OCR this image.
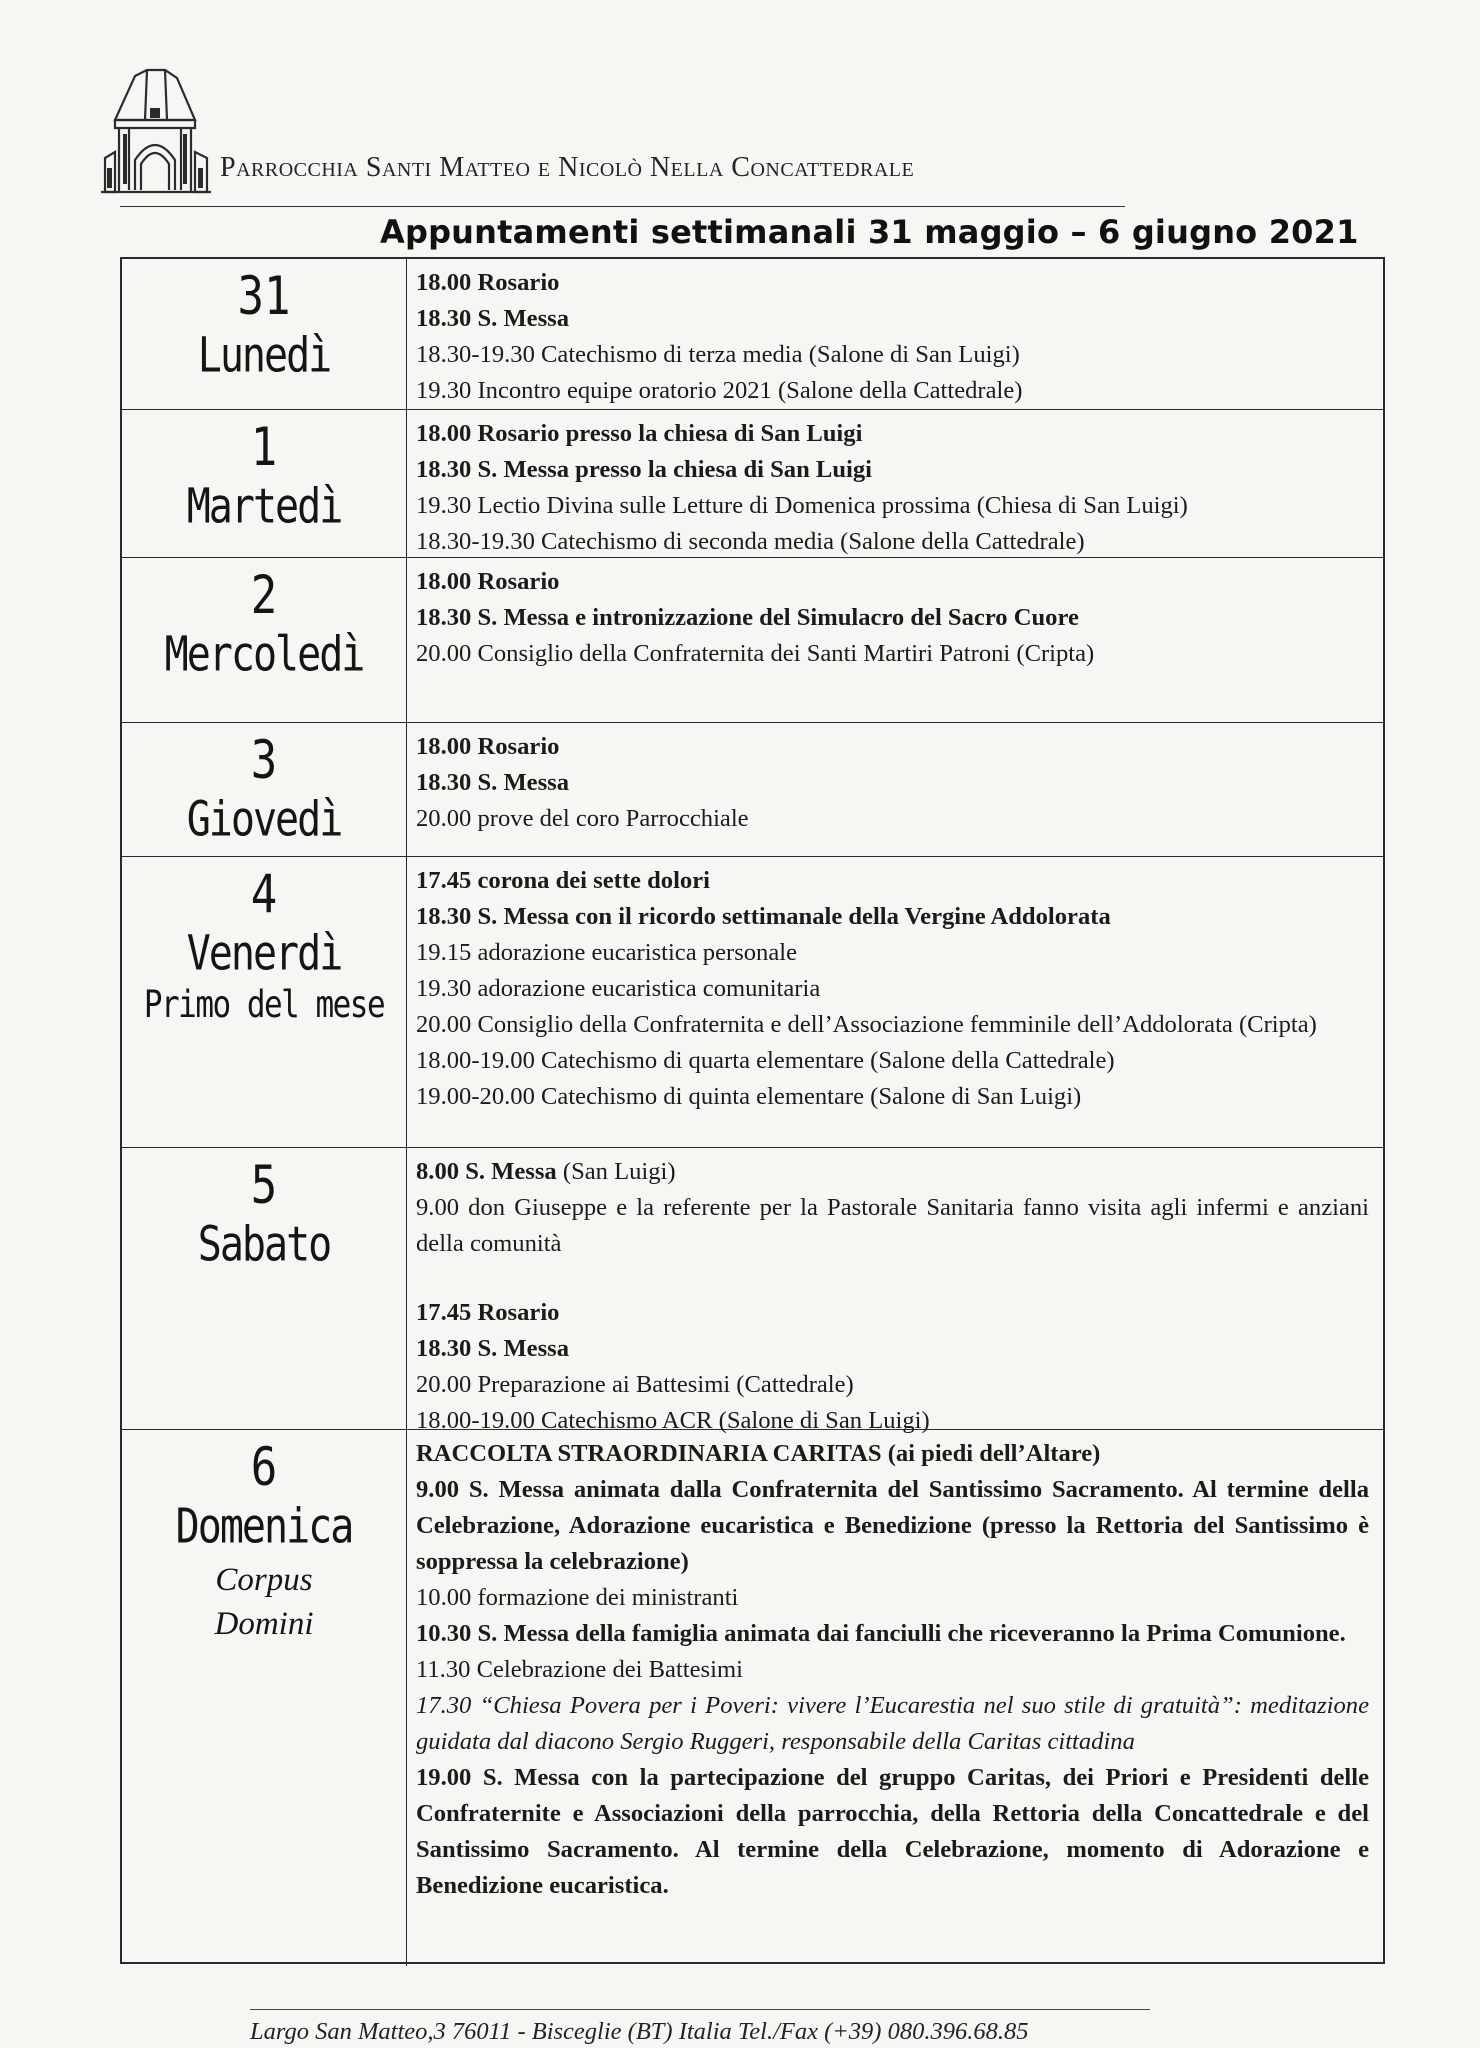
Parrocchia Santi Matteo e Nicolò Nella Concattedrale
Appuntamenti settimanali 31 maggio – 6 giugno 2021
31
Lunedì
18.00 Rosario
18.30 S. Messa
18.30-19.30 Catechismo di terza media (Salone di San Luigi)
19.30 Incontro equipe oratorio 2021 (Salone della Cattedrale)
1
Martedì
18.00 Rosario presso la chiesa di San Luigi
18.30 S. Messa presso la chiesa di San Luigi
19.30 Lectio Divina sulle Letture di Domenica prossima (Chiesa di San Luigi)
18.30-19.30 Catechismo di seconda media (Salone della Cattedrale)
2
Mercoledì
18.00 Rosario
18.30 S. Messa e intronizzazione del Simulacro del Sacro Cuore
20.00 Consiglio della Confraternita dei Santi Martiri Patroni (Cripta)
3
Giovedì
18.00 Rosario
18.30 S. Messa
20.00 prove del coro Parrocchiale
4
Venerdì
Primo del mese
17.45 corona dei sette dolori
18.30 S. Messa con il ricordo settimanale della Vergine Addolorata
19.15 adorazione eucaristica personale
19.30 adorazione eucaristica comunitaria
20.00 Consiglio della Confraternita e dell’Associazione femminile dell’Addolorata (Cripta)
18.00-19.00 Catechismo di quarta elementare (Salone della Cattedrale)
19.00-20.00 Catechismo di quinta elementare (Salone di San Luigi)
5
Sabato
8.00 S. Messa (San Luigi)
9.00 don Giuseppe e la referente per la Pastorale Sanitaria fanno visita agli infermi e anziani della comunità
17.45 Rosario
18.30 S. Messa
20.00 Preparazione ai Battesimi (Cattedrale)
18.00-19.00 Catechismo ACR (Salone di San Luigi)
6
Domenica
Corpus
Domini
RACCOLTA STRAORDINARIA CARITAS (ai piedi dell’Altare)
9.00 S. Messa animata dalla Confraternita del Santissimo Sacramento. Al termine della Celebrazione, Adorazione eucaristica e Benedizione (presso la Rettoria del Santissimo è soppressa la celebrazione)
10.00 formazione dei ministranti
10.30 S. Messa della famiglia animata dai fanciulli che riceveranno la Prima Comunione.
11.30 Celebrazione dei Battesimi
17.30 “Chiesa Povera per i Poveri: vivere l’Eucarestia nel suo stile di gratuità”: meditazione guidata dal diacono Sergio Ruggeri, responsabile della Caritas cittadina
19.00 S. Messa con la partecipazione del gruppo Caritas, dei Priori e Presidenti delle Confraternite e Associazioni della parrocchia, della Rettoria della Concattedrale e del Santissimo Sacramento. Al termine della Celebrazione, momento di Adorazione e Benedizione eucaristica.
Largo San Matteo,3 76011 - Bisceglie (BT) Italia Tel./Fax (+39) 080.396.68.85
